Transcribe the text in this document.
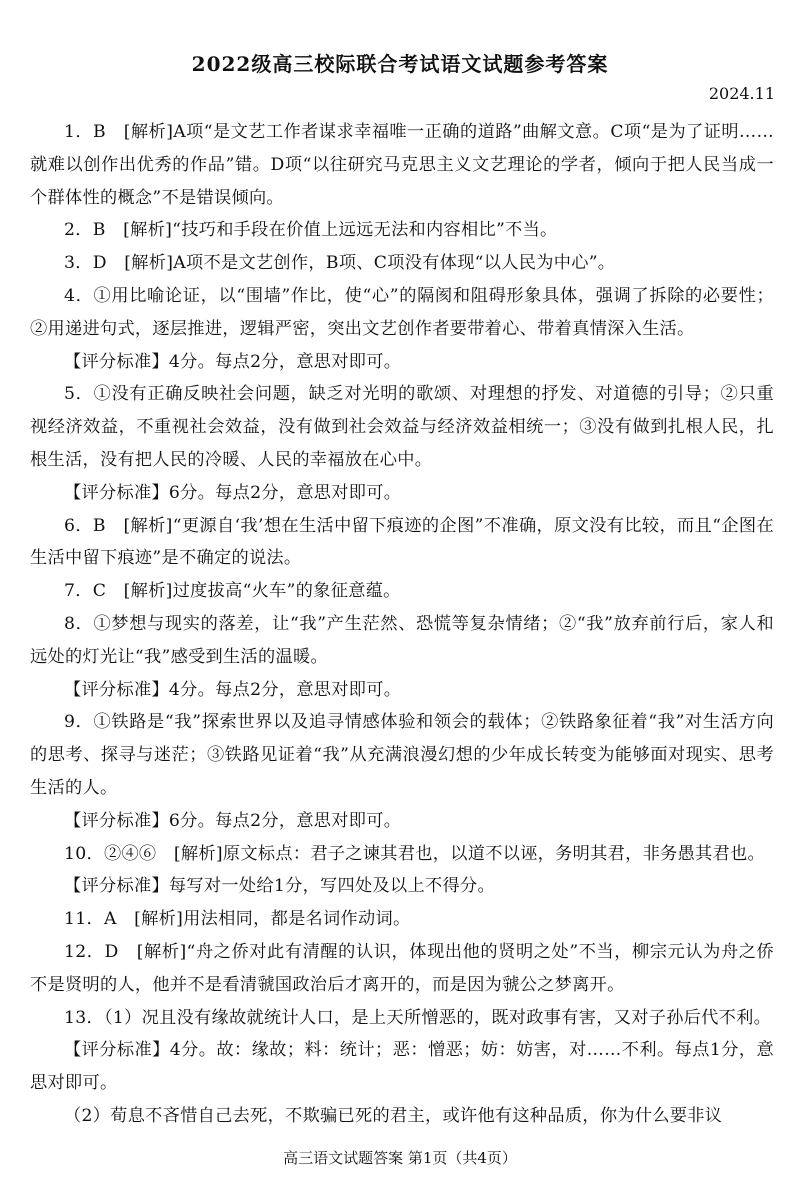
2022级高三校际联合考试语文试题参考答案
2024.11

1．B　[解析]A项“是文艺工作者谋求幸福唯一正确的道路”曲解文意。C项“是为了证明……就难以创作出优秀的作品”错。D项“以往研究马克思主义文艺理论的学者，倾向于把人民当成一个群体性的概念”不是错误倾向。

2．B　[解析]“技巧和手段在价值上远远无法和内容相比”不当。

3．D　[解析]A项不是文艺创作，B项、C项没有体现“以人民为中心”。

4．①用比喻论证，以“围墙”作比，使“心”的隔阂和阻碍形象具体，强调了拆除的必要性；②用递进句式，逐层推进，逻辑严密，突出文艺创作者要带着心、带着真情深入生活。

【评分标准】4分。每点2分，意思对即可。

5．①没有正确反映社会问题，缺乏对光明的歌颂、对理想的抒发、对道德的引导；②只重视经济效益，不重视社会效益，没有做到社会效益与经济效益相统一；③没有做到扎根人民，扎根生活，没有把人民的冷暖、人民的幸福放在心中。

【评分标准】6分。每点2分，意思对即可。

6．B　[解析]“更源自‘我’想在生活中留下痕迹的企图”不准确，原文没有比较，而且“企图在生活中留下痕迹”是不确定的说法。

7．C　[解析]过度拔高“火车”的象征意蕴。

8．①梦想与现实的落差，让“我”产生茫然、恐慌等复杂情绪；②“我”放弃前行后，家人和远处的灯光让“我”感受到生活的温暖。

【评分标准】4分。每点2分，意思对即可。

9．①铁路是“我”探索世界以及追寻情感体验和领会的载体；②铁路象征着“我”对生活方向的思考、探寻与迷茫；③铁路见证着“我”从充满浪漫幻想的少年成长转变为能够面对现实、思考生活的人。

【评分标准】6分。每点2分，意思对即可。

10．②④⑥　[解析]原文标点：君子之谏其君也，以道不以诬，务明其君，非务愚其君也。

【评分标准】每写对一处给1分，写四处及以上不得分。

11．A　[解析]用法相同，都是名词作动词。

12．D　[解析]“舟之侨对此有清醒的认识，体现出他的贤明之处”不当，柳宗元认为舟之侨不是贤明的人，他并不是看清虢国政治后才离开的，而是因为虢公之梦离开。

13．（1）况且没有缘故就统计人口，是上天所憎恶的，既对政事有害，又对子孙后代不利。

【评分标准】4分。故：缘故；料：统计；恶：憎恶；妨：妨害，对……不利。每点1分，意思对即可。

（2）荀息不吝惜自己去死，不欺骗已死的君主，或许他有这种品质，你为什么要非议

高三语文试题答案 第1页（共4页）
